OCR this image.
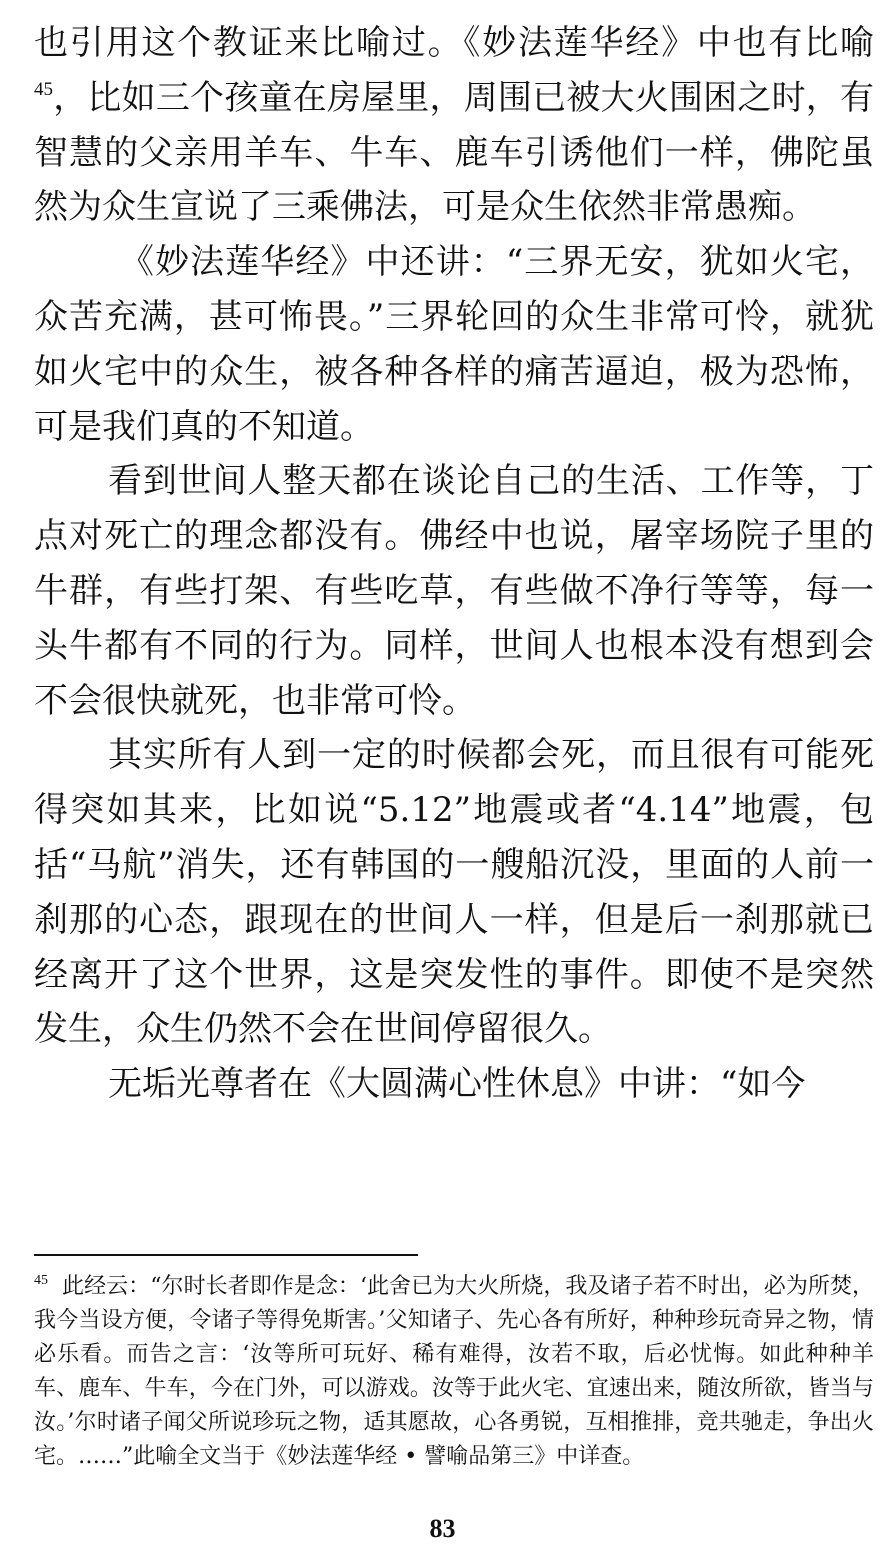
也引用这个教证来比喻过。《妙法莲华经》中也有比喻$^{45}$，比如三个孩童在房屋里，周围已被大火围困之时，有智慧的父亲用羊车、牛车、鹿车引诱他们一样，佛陀虽然为众生宣说了三乘佛法，可是众生依然非常愚痴。

《妙法莲华经》中还讲：“三界无安，犹如火宅，众苦充满，甚可怖畏。”三界轮回的众生非常可怜，就犹如火宅中的众生，被各种各样的痛苦逼迫，极为恐怖，可是我们真的不知道。

看到世间人整天都在谈论自己的生活、工作等，丁点对死亡的理念都没有。佛经中也说，屠宰场院子里的牛群，有些打架、有些吃草，有些做不净行等等，每一头牛都有不同的行为。同样，世间人也根本没有想到会不会很快就死，也非常可怜。

其实所有人到一定的时候都会死，而且很有可能死得突如其来，比如说“5.12”地震或者“4.14”地震，包括“马航”消失，还有韩国的一艘船沉没，里面的人前一刹那的心态，跟现在的世间人一样，但是后一刹那就已经离开了这个世界，这是突发性的事件。即使不是突然发生，众生仍然不会在世间停留很久。

无垢光尊者在《大圆满心性休息》中讲：“如今

$^{45}$ 此经云：“尔时长者即作是念：‘此舍已为大火所烧，我及诸子若不时出，必为所焚，我今当设方便，令诸子等得免斯害。’父知诸子、先心各有所好，种种珍玩奇异之物，情必乐看。而告之言：‘汝等所可玩好、稀有难得，汝若不取，后必忧悔。如此种种羊车、鹿车、牛车，今在门外，可以游戏。汝等于此火宅、宜速出来，随汝所欲，皆当与汝。’尔时诸子闻父所说珍玩之物，适其愿故，心各勇锐，互相推排，竞共驰走，争出火宅。……”此喻全文当于《妙法莲华经 • 譬喻品第三》中详查。
83
